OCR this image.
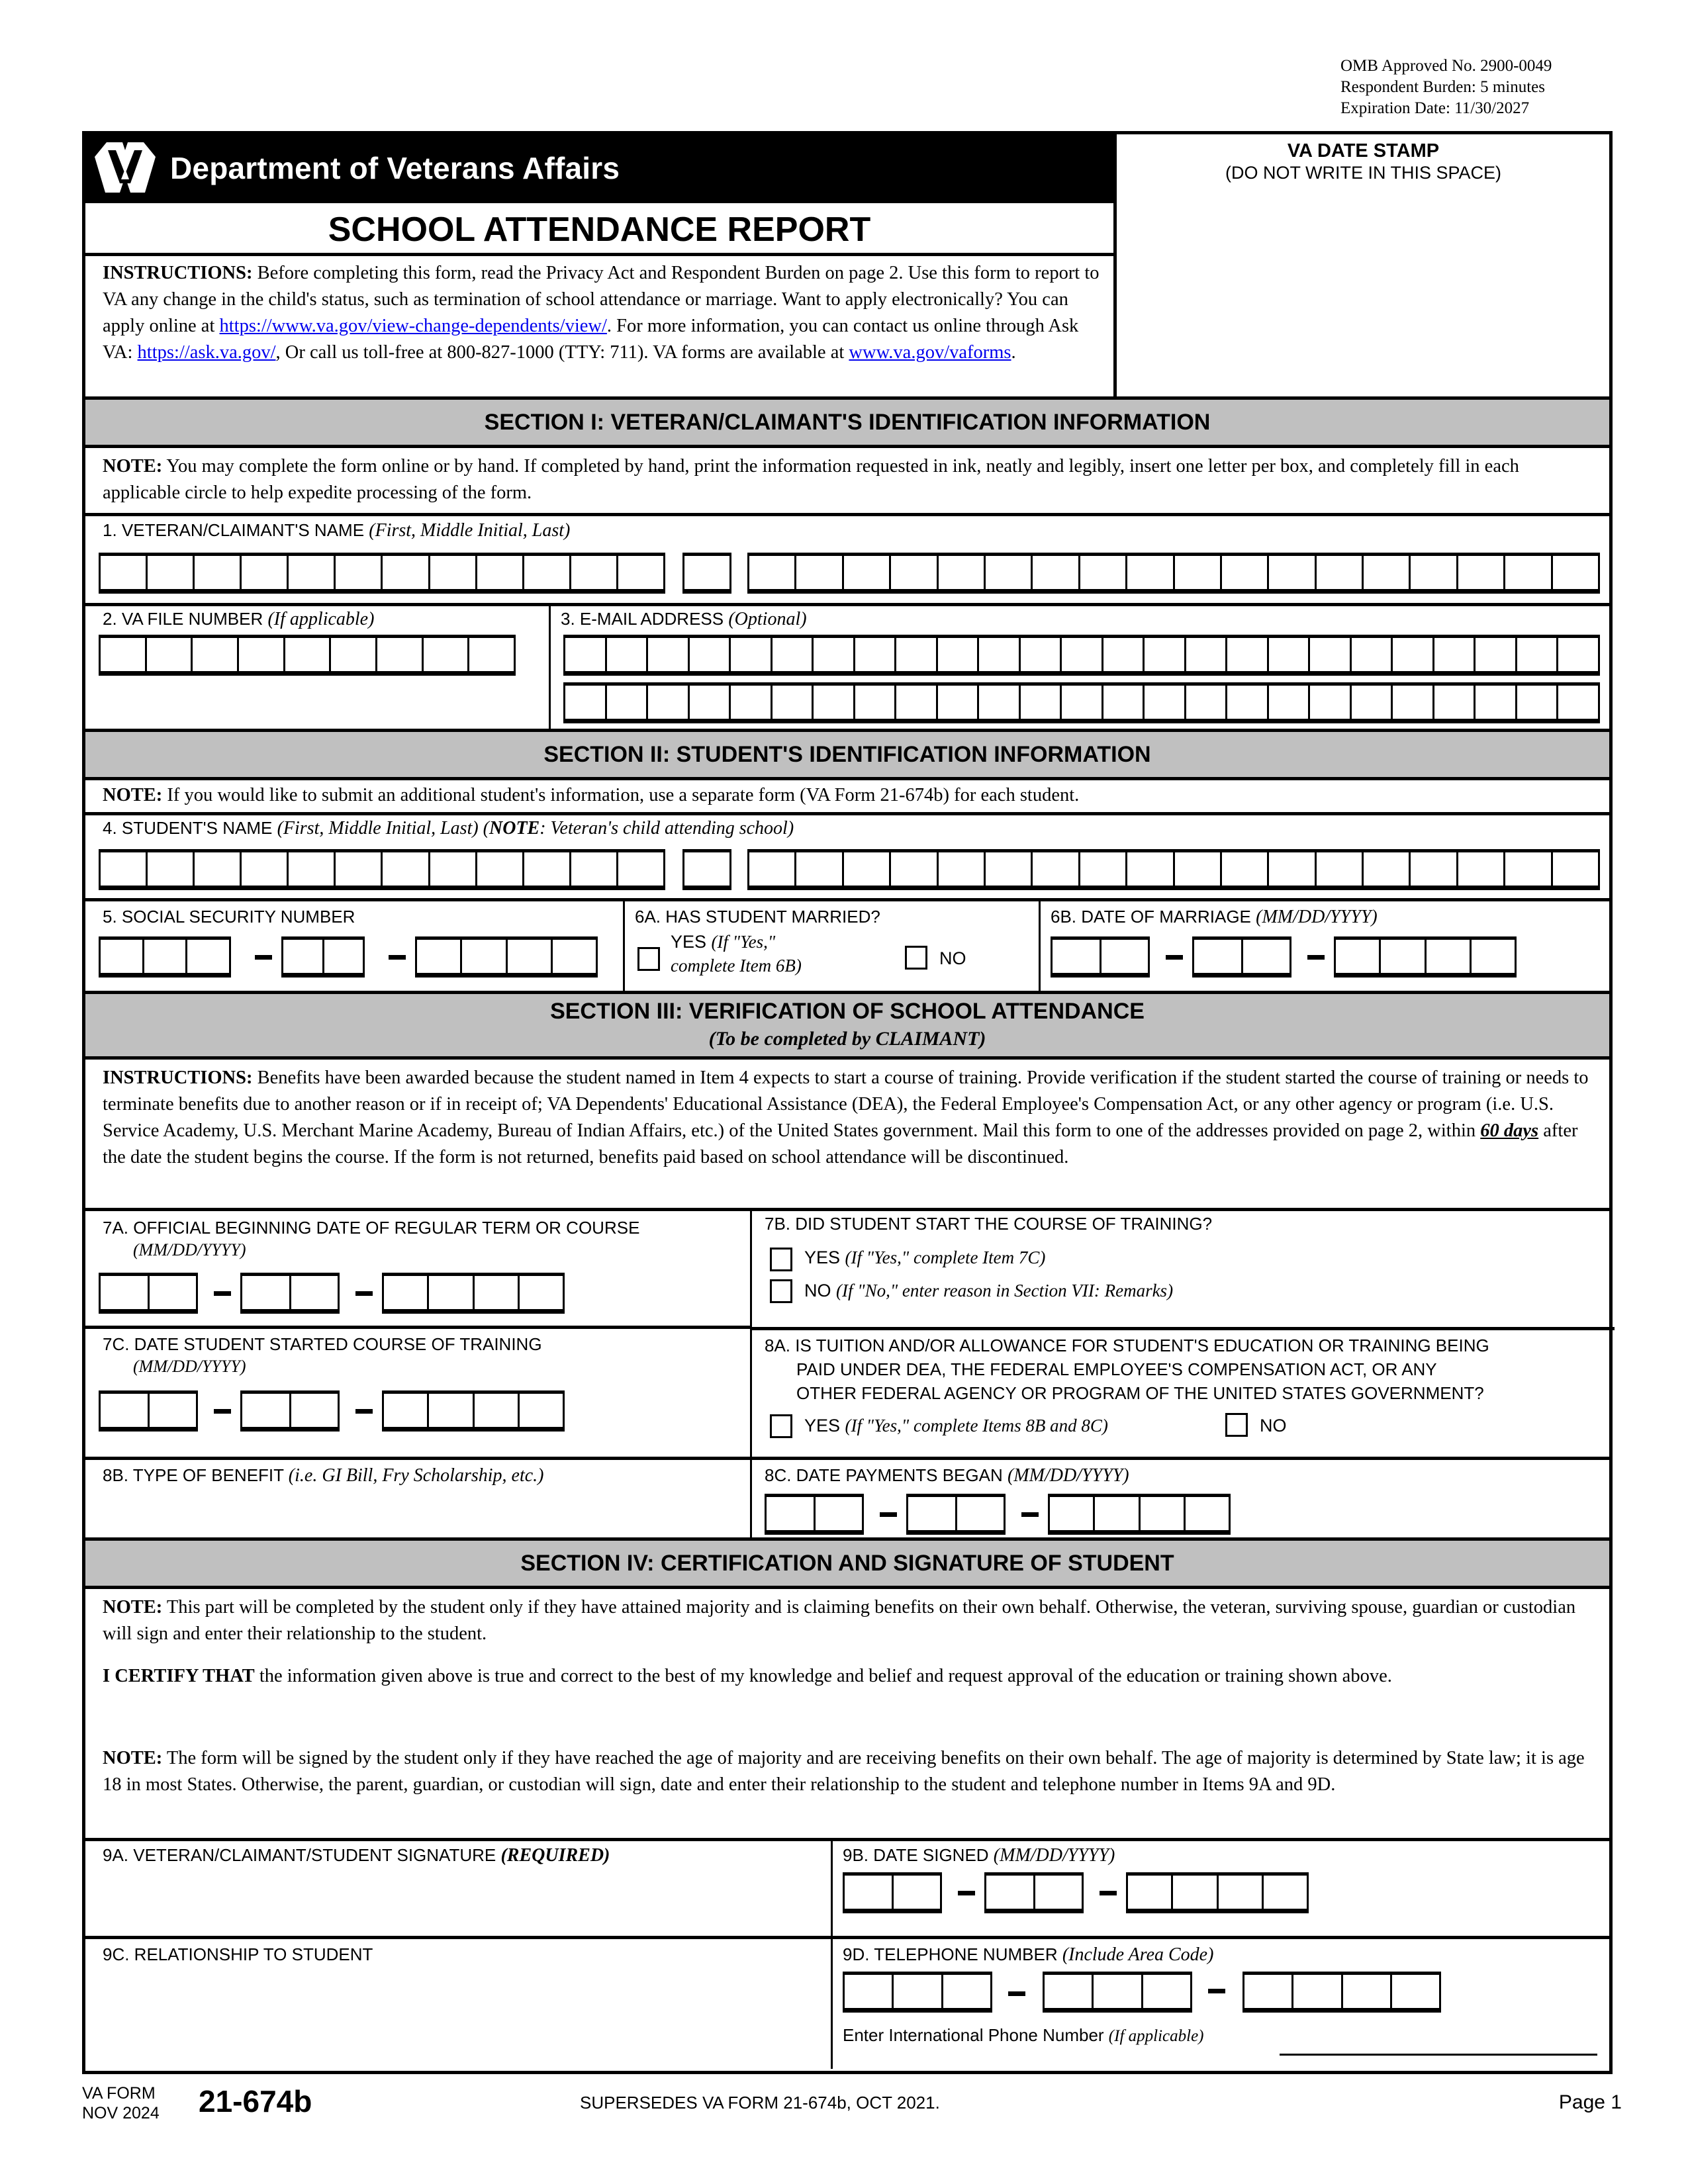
OMB Approved No. 2900-0049
Respondent Burden: 5 minutes
Expiration Date: 11/30/2027
Department of Veterans Affairs
SCHOOL ATTENDANCE REPORT
INSTRUCTIONS: Before completing this form, read the Privacy Act and Respondent Burden on page 2. Use this form to report to VA any change in the child's status, such as termination of school attendance or marriage. Want to apply electronically? You can apply online at https://www.va.gov/view-change-dependents/view/. For more information, you can contact us online through Ask VA: https://ask.va.gov/, Or call us toll-free at 800-827-1000 (TTY: 711). VA forms are available at www.va.gov/vaforms.
VA DATE STAMP
(DO NOT WRITE IN THIS SPACE)
SECTION I: VETERAN/CLAIMANT'S IDENTIFICATION INFORMATION
NOTE: You may complete the form online or by hand. If completed by hand, print the information requested in ink, neatly and legibly, insert one letter per box, and completely fill in each applicable circle to help expedite processing of the form.
1. VETERAN/CLAIMANT'S NAME (First, Middle Initial, Last)
2. VA FILE NUMBER (If applicable)	3. E-MAIL ADDRESS (Optional)
SECTION II: STUDENT'S IDENTIFICATION INFORMATION
NOTE: If you would like to submit an additional student's information, use a separate form (VA Form 21-674b) for each student.
4. STUDENT'S NAME (First, Middle Initial, Last) (NOTE: Veteran's child attending school)
5. SOCIAL SECURITY NUMBER	6A. HAS STUDENT MARRIED?
YES (If "Yes,"
complete Item 6B)	NO
6B. DATE OF MARRIAGE (MM/DD/YYYY)
SECTION III: VERIFICATION OF SCHOOL ATTENDANCE
(To be completed by CLAIMANT)
INSTRUCTIONS: Benefits have been awarded because the student named in Item 4 expects to start a course of training. Provide verification if the student started the course of training or needs to terminate benefits due to another reason or if in receipt of; VA Dependents' Educational Assistance (DEA), the Federal Employee's Compensation Act, or any other agency or program (i.e. U.S. Service Academy, U.S. Merchant Marine Academy, Bureau of Indian Affairs, etc.) of the United States government. Mail this form to one of the addresses provided on page 2, within 60 days after the date the student begins the course. If the form is not returned, benefits paid based on school attendance will be discontinued.
7A. OFFICIAL BEGINNING DATE OF REGULAR TERM OR COURSE
(MM/DD/YYYY)
7B. DID STUDENT START THE COURSE OF TRAINING?
YES (If "Yes," complete Item 7C)
NO (If "No," enter reason in Section VII: Remarks)
7C. DATE STUDENT STARTED COURSE OF TRAINING
(MM/DD/YYYY)
8A. IS TUITION AND/OR ALLOWANCE FOR STUDENT'S EDUCATION OR TRAINING BEING
PAID UNDER DEA, THE FEDERAL EMPLOYEE'S COMPENSATION ACT, OR ANY
OTHER FEDERAL AGENCY OR PROGRAM OF THE UNITED STATES GOVERNMENT?
YES (If "Yes," complete Items 8B and 8C)	NO
8B. TYPE OF BENEFIT (i.e. GI Bill, Fry Scholarship, etc.)	8C. DATE PAYMENTS BEGAN (MM/DD/YYYY)
SECTION IV: CERTIFICATION AND SIGNATURE OF STUDENT
NOTE: This part will be completed by the student only if they have attained majority and is claiming benefits on their own behalf. Otherwise, the veteran, surviving spouse, guardian or custodian will sign and enter their relationship to the student.
I CERTIFY THAT the information given above is true and correct to the best of my knowledge and belief and request approval of the education or training shown above.
NOTE: The form will be signed by the student only if they have reached the age of majority and are receiving benefits on their own behalf. The age of majority is determined by State law; it is age 18 in most States. Otherwise, the parent, guardian, or custodian will sign, date and enter their relationship to the student and telephone number in Items 9A and 9D.
9A. VETERAN/CLAIMANT/STUDENT SIGNATURE (REQUIRED)	9B. DATE SIGNED (MM/DD/YYYY)
9C. RELATIONSHIP TO STUDENT	9D. TELEPHONE NUMBER (Include Area Code)
Enter International Phone Number (If applicable)
VA FORM
NOV 2024 21-674b	SUPERSEDES VA FORM 21-674b, OCT 2021.	Page 1
